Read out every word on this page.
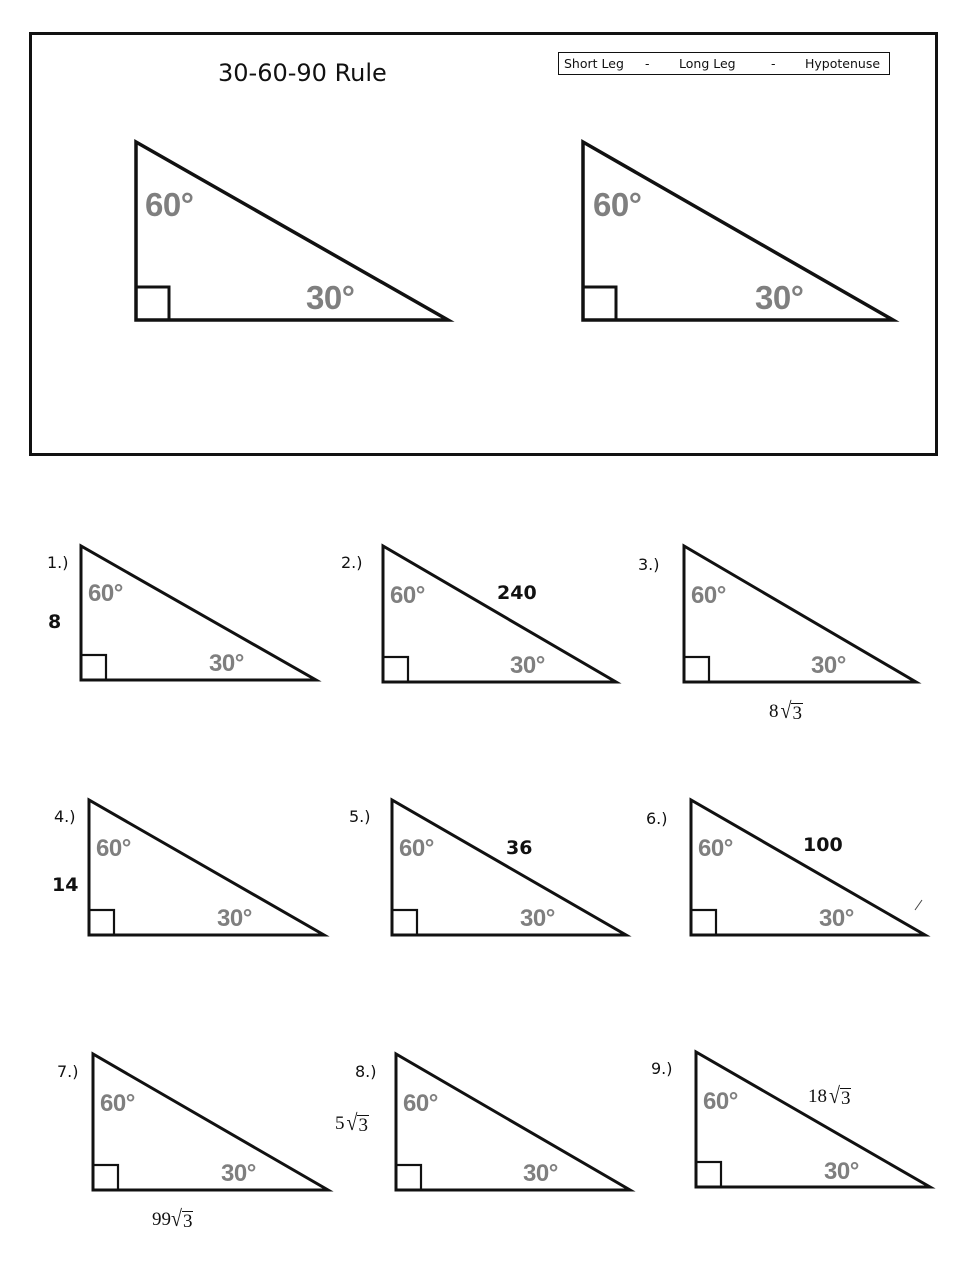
30-60-90 Rule	Short Leg - Long Leg	- Hypotenuse
60°
30°
60°
30°
60°
30°
60°
30°
60°
30°
60°
30°
60°
30°
60°
30°
60°
30°
60°
30°
60°
30°
1.)	2.)	3.)
4.)	5.)	6.)
7.)	8.)	9.)
8
240
14
36	100
8 √ 3
99 √ 3
5 √ 3
18 √ 3
